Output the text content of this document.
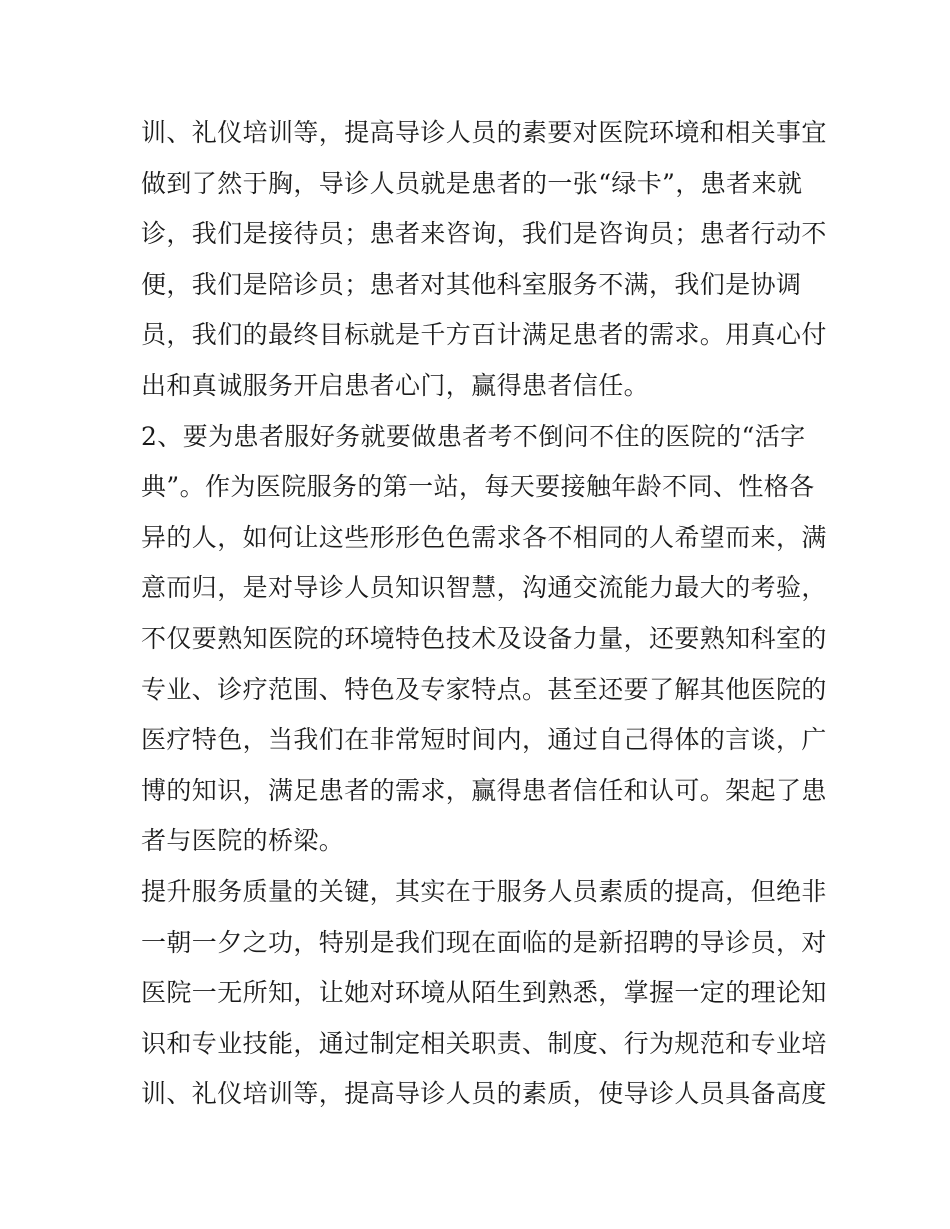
训、礼仪培训等，提高导诊人员的素要对医院环境和相关事宜
做到了然于胸，导诊人员就是患者的一张“绿卡”，患者来就
诊，我们是接待员；患者来咨询，我们是咨询员；患者行动不
便，我们是陪诊员；患者对其他科室服务不满，我们是协调
员，我们的最终目标就是千方百计满足患者的需求。用真心付
出和真诚服务开启患者心门，赢得患者信任。
2、要为患者服好务就要做患者考不倒问不住的医院的“活字
典”。作为医院服务的第一站，每天要接触年龄不同、性格各
异的人，如何让这些形形色色需求各不相同的人希望而来，满
意而归，是对导诊人员知识智慧，沟通交流能力最大的考验，
不仅要熟知医院的环境特色技术及设备力量，还要熟知科室的
专业、诊疗范围、特色及专家特点。甚至还要了解其他医院的
医疗特色，当我们在非常短时间内，通过自己得体的言谈，广
博的知识，满足患者的需求，赢得患者信任和认可。架起了患
者与医院的桥梁。
提升服务质量的关键，其实在于服务人员素质的提高，但绝非
一朝一夕之功，特别是我们现在面临的是新招聘的导诊员，对
医院一无所知，让她对环境从陌生到熟悉，掌握一定的理论知
识和专业技能，通过制定相关职责、制度、行为规范和专业培
训、礼仪培训等，提高导诊人员的素质，使导诊人员具备高度
